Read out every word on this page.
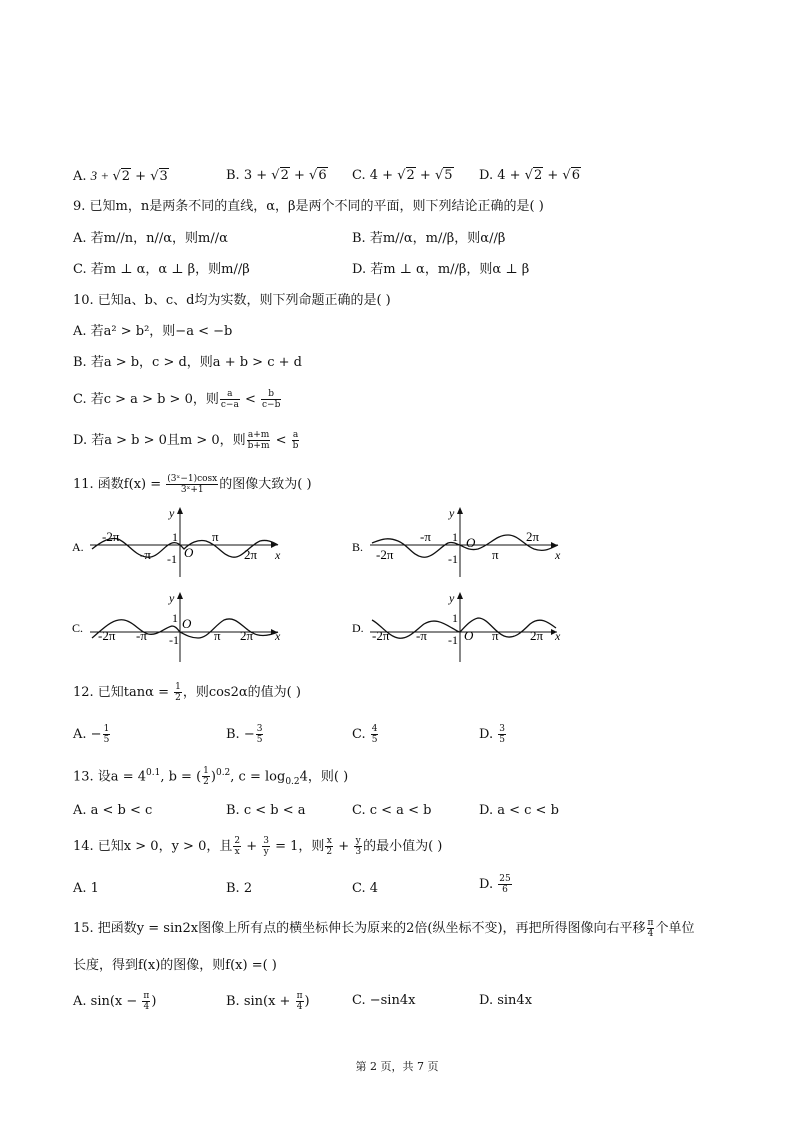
A. 3 + √2 + √3	B. 3 + √2 + √6 C. 4 + √2 + √5 D. 4 + √2 + √6
9. 已知m，n是两条不同的直线，α，β是两个不同的平面，则下列结论正确的是( )
A. 若m//n，n//α，则m//α	B. 若m//α，m//β，则α//β
C. 若m ⊥ α，α ⊥ β，则m//β	D. 若m ⊥ α，m//β，则α ⊥ β
10. 已知a、b、c、d均为实数，则下列命题正确的是( )
A. 若a² > b²，则−a < −b
B. 若a > b，c > d，则a + b > c + d
C. 若c > a > b > 0，则 $\frac{a}{c-a} < \frac{b}{c-b}$
D. 若a > b > 0且m > 0，则 $\frac{a+m}{b+m} < \frac{a}{b}$
11. 函数$f(x) = \frac{\text{(3ˣ−1)cosx}}{\text{3ˣ+1}}$ 的图像大致为( )
A.
-2π
-π
π
2π
1
-1 O	x
y
B. -2π
-π
π
2π
1
-1
O
x
y
C. -2π -π	π 2π
1
-1
O
x
y
D. -2π -π	π 2π
1
-1 O	x
y
12. 已知$\tan\alpha = \frac{1}{2}$ ，则cos2α的值为( )
A. − $\frac{1}{5}$	B. − $\frac{3}{5}$	C. $\frac{4}{5}$	D. $\frac{3}{5}$
13. 设$a = 4^{0.1}$, b = ( $\frac{1}{2} )^{0.2}$, $c = \log_{0.2}4$，则( )
A. a < b < c	B. c < b < a	C. c < a < b	D. a < c < b
14. 已知x > 0，y > 0，且 $\frac{2}{x} + \frac{3}{y} = 1$，则 $\frac{x}{2} + \frac{y}{3}$ 的最小值为( )
A. 1	B. 2	C. 4	D. $\frac{25}{6}$
15. 把函数y = sin2x图像上所有点的横坐标伸长为原来的2倍(纵坐标不变)，再把所得图像向右平移 $\frac{\pi}{4}$ 个单位
长度，得到f(x)的图像，则f(x) =( )
A. $\sin(x - \frac{\pi}{4}$ )	B. $\sin(x + \frac{\pi}{4}$ )	C. −sin4x	D. sin4x
第 2 页，共 7 页
